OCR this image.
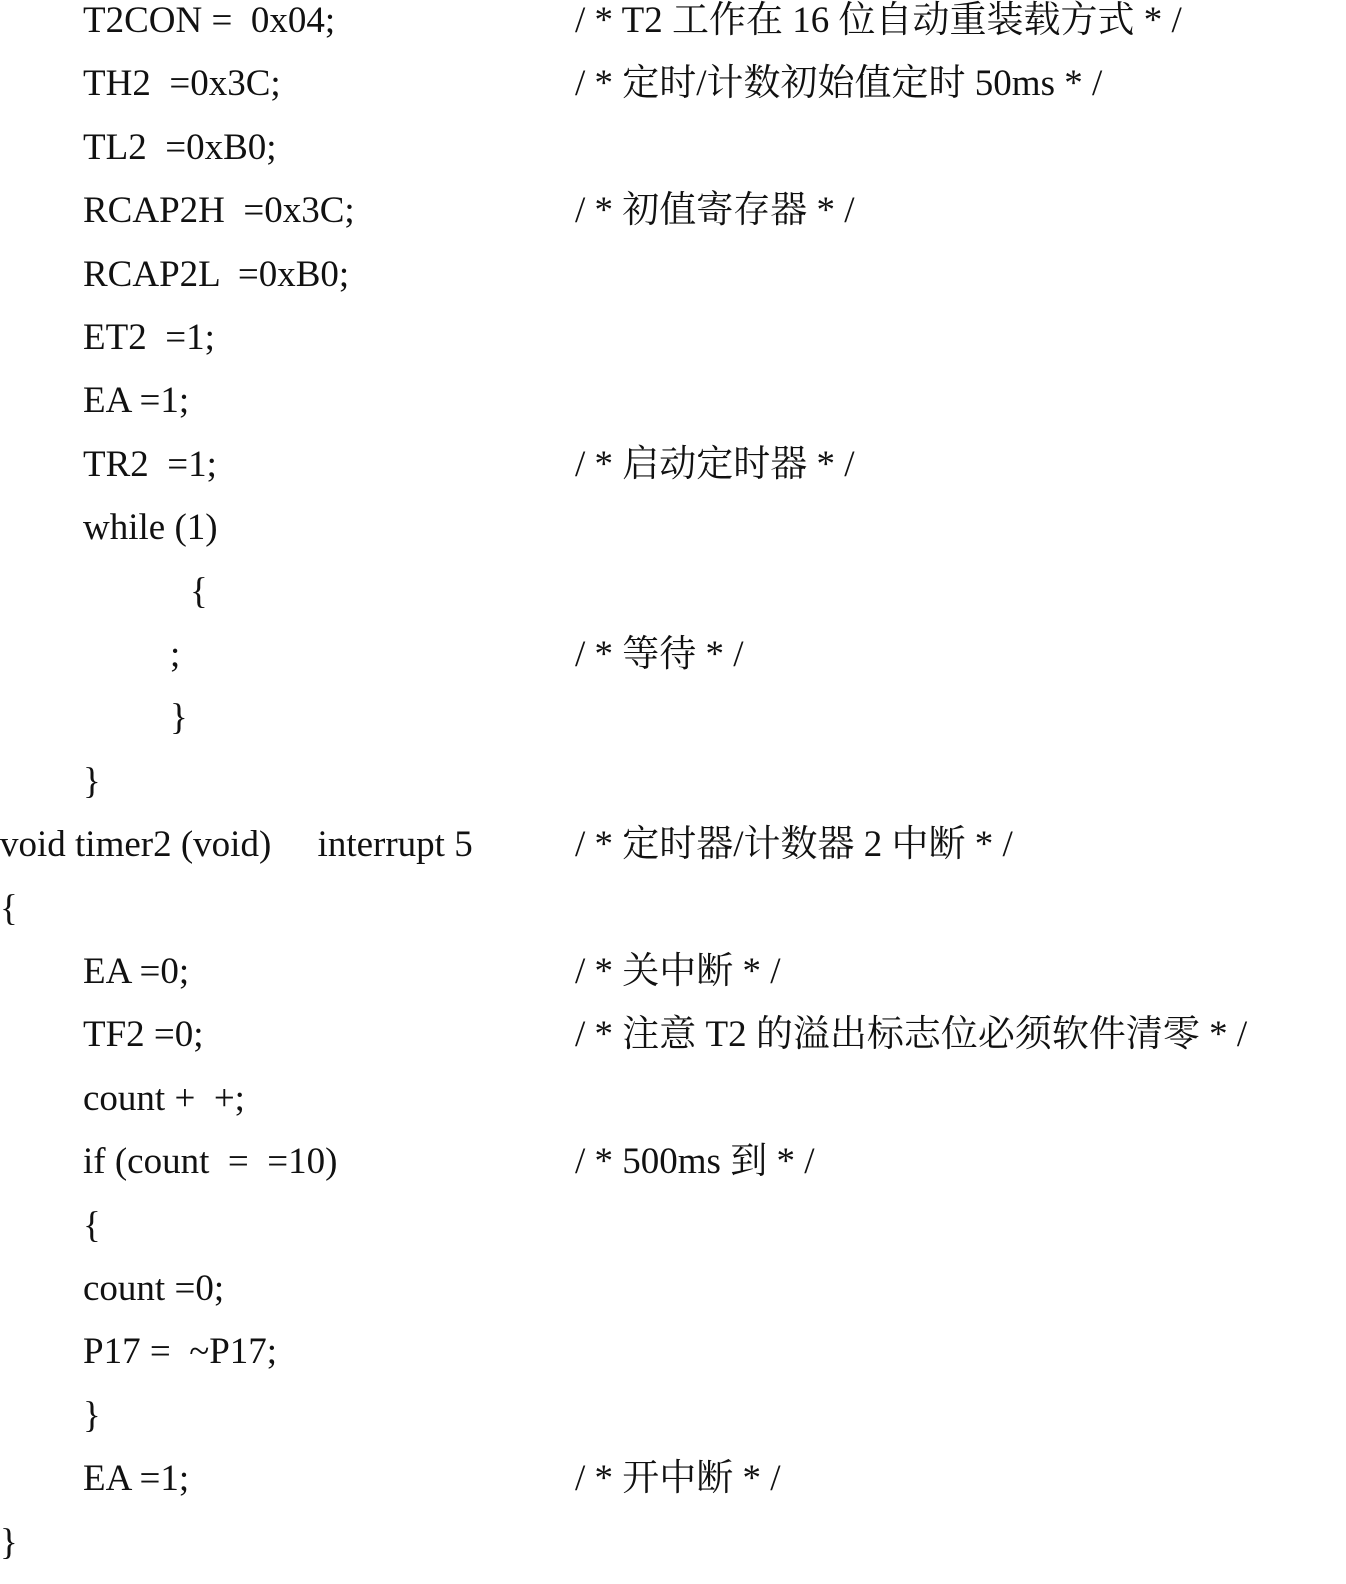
T2CON =  0x04;	/ * T2 工作在 16 位自动重装载方式 * /
TH2  =0x3C;	/ * 定时/计数初始值定时 50ms * /
TL2  =0xB0;
RCAP2H  =0x3C;	/ * 初值寄存器 * /
RCAP2L  =0xB0;
ET2  =1;
EA =1;
TR2  =1;	/ * 启动定时器 * /
while (1)
{
;	/ * 等待 * /
}
}
void timer2 (void)     interrupt 5	/ * 定时器/计数器 2 中断 * /
{
EA =0;	/ * 关中断 * /
TF2 =0;	/ * 注意 T2 的溢出标志位必须软件清零 * /
count +  +;
if (count  =  =10)	/ * 500ms 到 * /
{
count =0;
P17 =  ~P17;
}
EA =1;	/ * 开中断 * /
}
